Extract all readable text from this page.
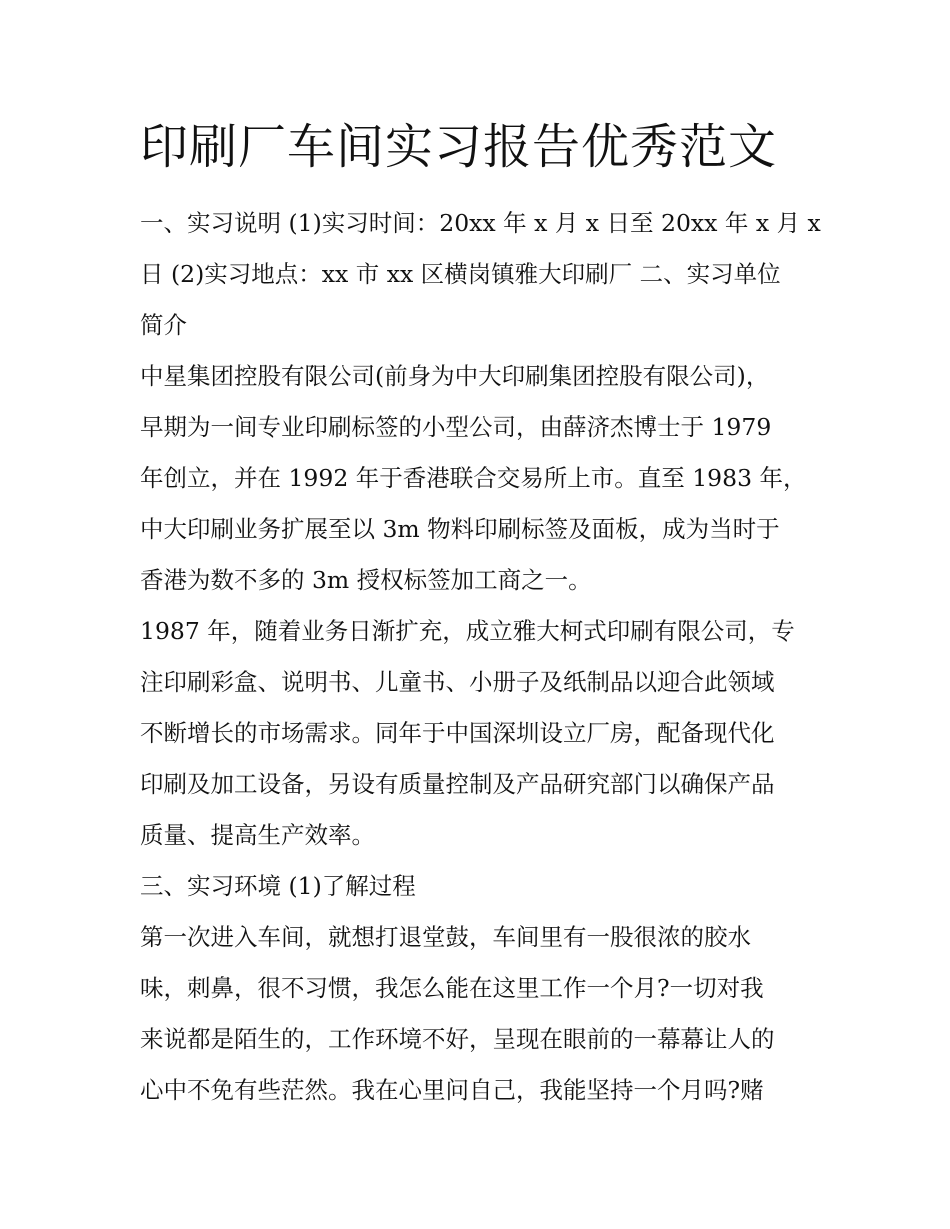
印刷厂车间实习报告优秀范文

一、实习说明 (1)实习时间：20xx 年 x 月 x 日至 20xx 年 x 月 x

日 (2)实习地点：xx 市 xx 区横岗镇雅大印刷厂 二、实习单位

简介

中星集团控股有限公司(前身为中大印刷集团控股有限公司)，

早期为一间专业印刷标签的小型公司，由薛济杰博士于 1979

年创立，并在 1992 年于香港联合交易所上市。直至 1983 年，

中大印刷业务扩展至以 3m 物料印刷标签及面板，成为当时于

香港为数不多的 3m 授权标签加工商之一。

1987 年，随着业务日渐扩充，成立雅大柯式印刷有限公司，专

注印刷彩盒、说明书、儿童书、小册子及纸制品以迎合此领域

不断增长的市场需求。同年于中国深圳设立厂房，配备现代化

印刷及加工设备，另设有质量控制及产品研究部门以确保产品

质量、提高生产效率。

三、实习环境 (1)了解过程

第一次进入车间，就想打退堂鼓，车间里有一股很浓的胶水

味，刺鼻，很不习惯，我怎么能在这里工作一个月?一切对我

来说都是陌生的，工作环境不好，呈现在眼前的一幕幕让人的

心中不免有些茫然。我在心里问自己，我能坚持一个月吗?赌
